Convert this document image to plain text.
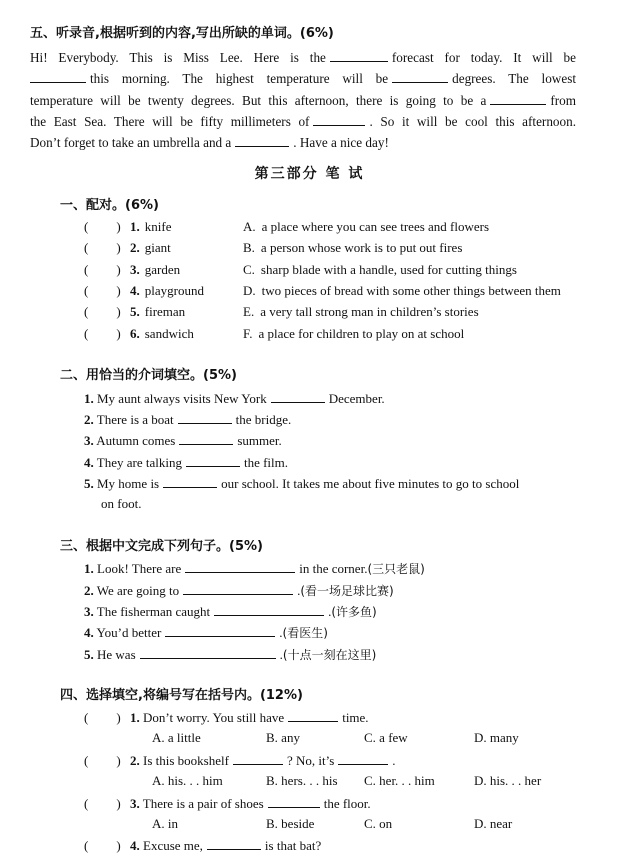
五、听录音,根据听到的内容,写出所缺的单词。(6%)
Hi! Everybody. This is Miss Lee. Here is the	forecast for today. It will be
this morning. The highest temperature will be	degrees. The lowest
temperature will be twenty degrees. But this afternoon, there is going to be a	from
the East Sea. There will be fifty millimeters of	. So it will be cool this afternoon.
Don’t forget to take an umbrella and a	. Have a nice day!
第三部分 笔 试
一、配对。(6%)
( ) 1. knife	A. a place where you can see trees and flowers
( ) 2. giant	B. a person whose work is to put out fires
( ) 3. garden	C. sharp blade with a handle, used for cutting things
( ) 4. playground	D. two pieces of bread with some other things between them
( ) 5. fireman	E. a very tall strong man in children’s stories
( ) 6. sandwich	F. a place for children to play on at school
二、用恰当的介词填空。(5%)
1. My aunt always visits New York	December.
2. There is a boat	the bridge.
3. Autumn comes	summer.
4. They are talking	the film.
5. My home is	our school. It takes me about five minutes to go to school
on foot.
三、根据中文完成下列句子。(5%)
1. Look! There are	in the corner.(三只老鼠)
2. We are going to	.(看一场足球比赛)
3. The fisherman caught	.(许多鱼)
4. You’d better	.(看医生)
5. He was	.(十点一刻在这里)
四、选择填空,将编号写在括号内。(12%)
( ) 1. Don’t worry. You still have	time.
A. a little	B. any	C. a few	D. many
( ) 2. Is this bookshelf	? No, it’s	.
A. his. . . him	B. hers. . . his C. her. . . him	D. his. . . her
( ) 3. There is a pair of shoes	the floor.
A. in	B. beside	C. on	D. near
( ) 4. Excuse me,	is that bat?
